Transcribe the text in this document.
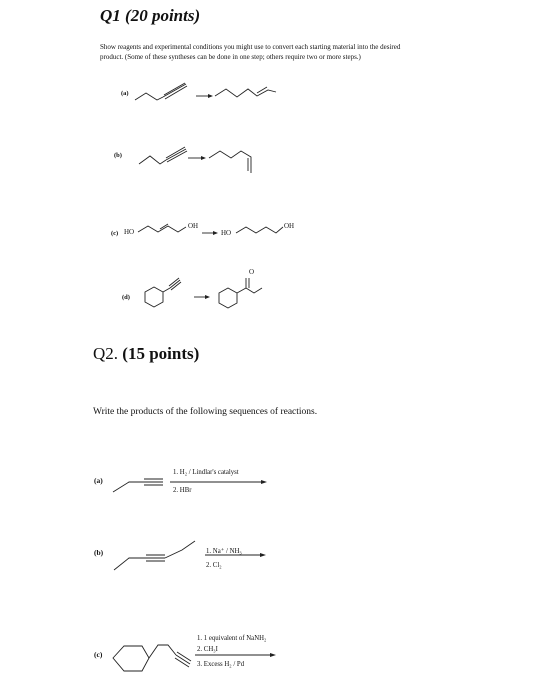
Q1 (20 points)
Show reagents and experimental conditions you might use to convert each starting material into the desired product. (Some of these syntheses can be done in one step; others require two or more steps.)
(a)
(b)
(c)
(d)
HO
OH
HO
OH
O
Q2. (15 points)
Write the products of the following sequences of reactions.
(a)
(b)
(c)
1. H₂ / Lindlar's catalyst
2. HBr
1. Na⁺ / NH₃
2. Cl₂
1. 1 equivalent of NaNH₂
2. CH₃I
3. Excess H₂ / Pd
